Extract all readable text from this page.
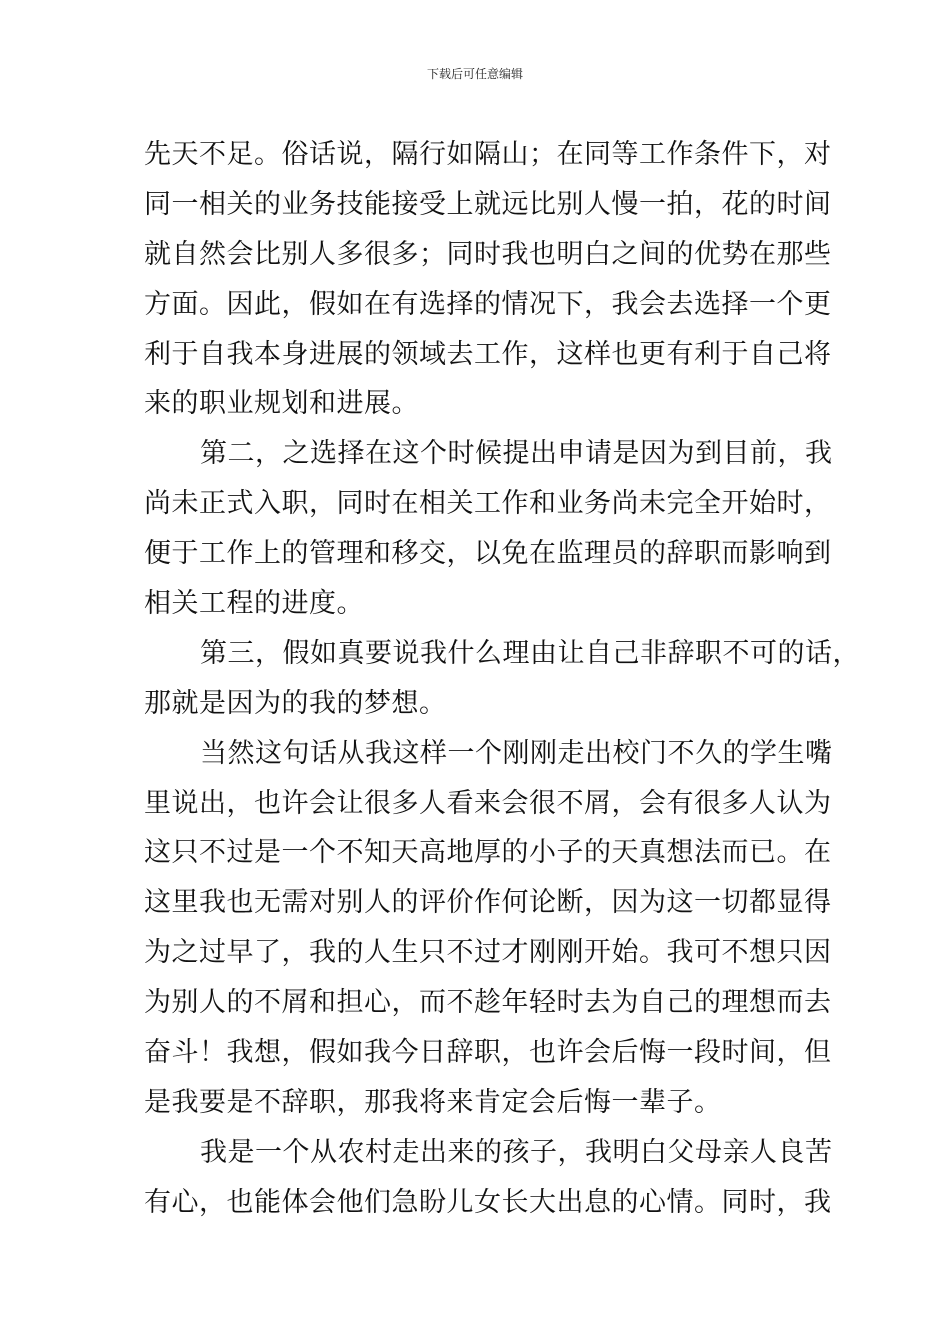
下载后可任意编辑
先天不足。俗话说，隔行如隔山；在同等工作条件下，对
同一相关的业务技能接受上就远比别人慢一拍，花的时间
就自然会比别人多很多；同时我也明白之间的优势在那些
方面。因此，假如在有选择的情况下，我会去选择一个更
利于自我本身进展的领域去工作，这样也更有利于自己将
来的职业规划和进展。
第二，之选择在这个时候提出申请是因为到目前，我
尚未正式入职，同时在相关工作和业务尚未完全开始时，
便于工作上的管理和移交，以免在监理员的辞职而影响到
相关工程的进度。
第三，假如真要说我什么理由让自己非辞职不可的话，
那就是因为的我的梦想。
当然这句话从我这样一个刚刚走出校门不久的学生嘴
里说出，也许会让很多人看来会很不屑，会有很多人认为
这只不过是一个不知天高地厚的小子的天真想法而已。在
这里我也无需对别人的评价作何论断，因为这一切都显得
为之过早了，我的人生只不过才刚刚开始。我可不想只因
为别人的不屑和担心，而不趁年轻时去为自己的理想而去
奋斗！我想，假如我今日辞职，也许会后悔一段时间，但
是我要是不辞职，那我将来肯定会后悔一辈子。
我是一个从农村走出来的孩子，我明白父母亲人良苦
有心，也能体会他们急盼儿女长大出息的心情。同时，我
